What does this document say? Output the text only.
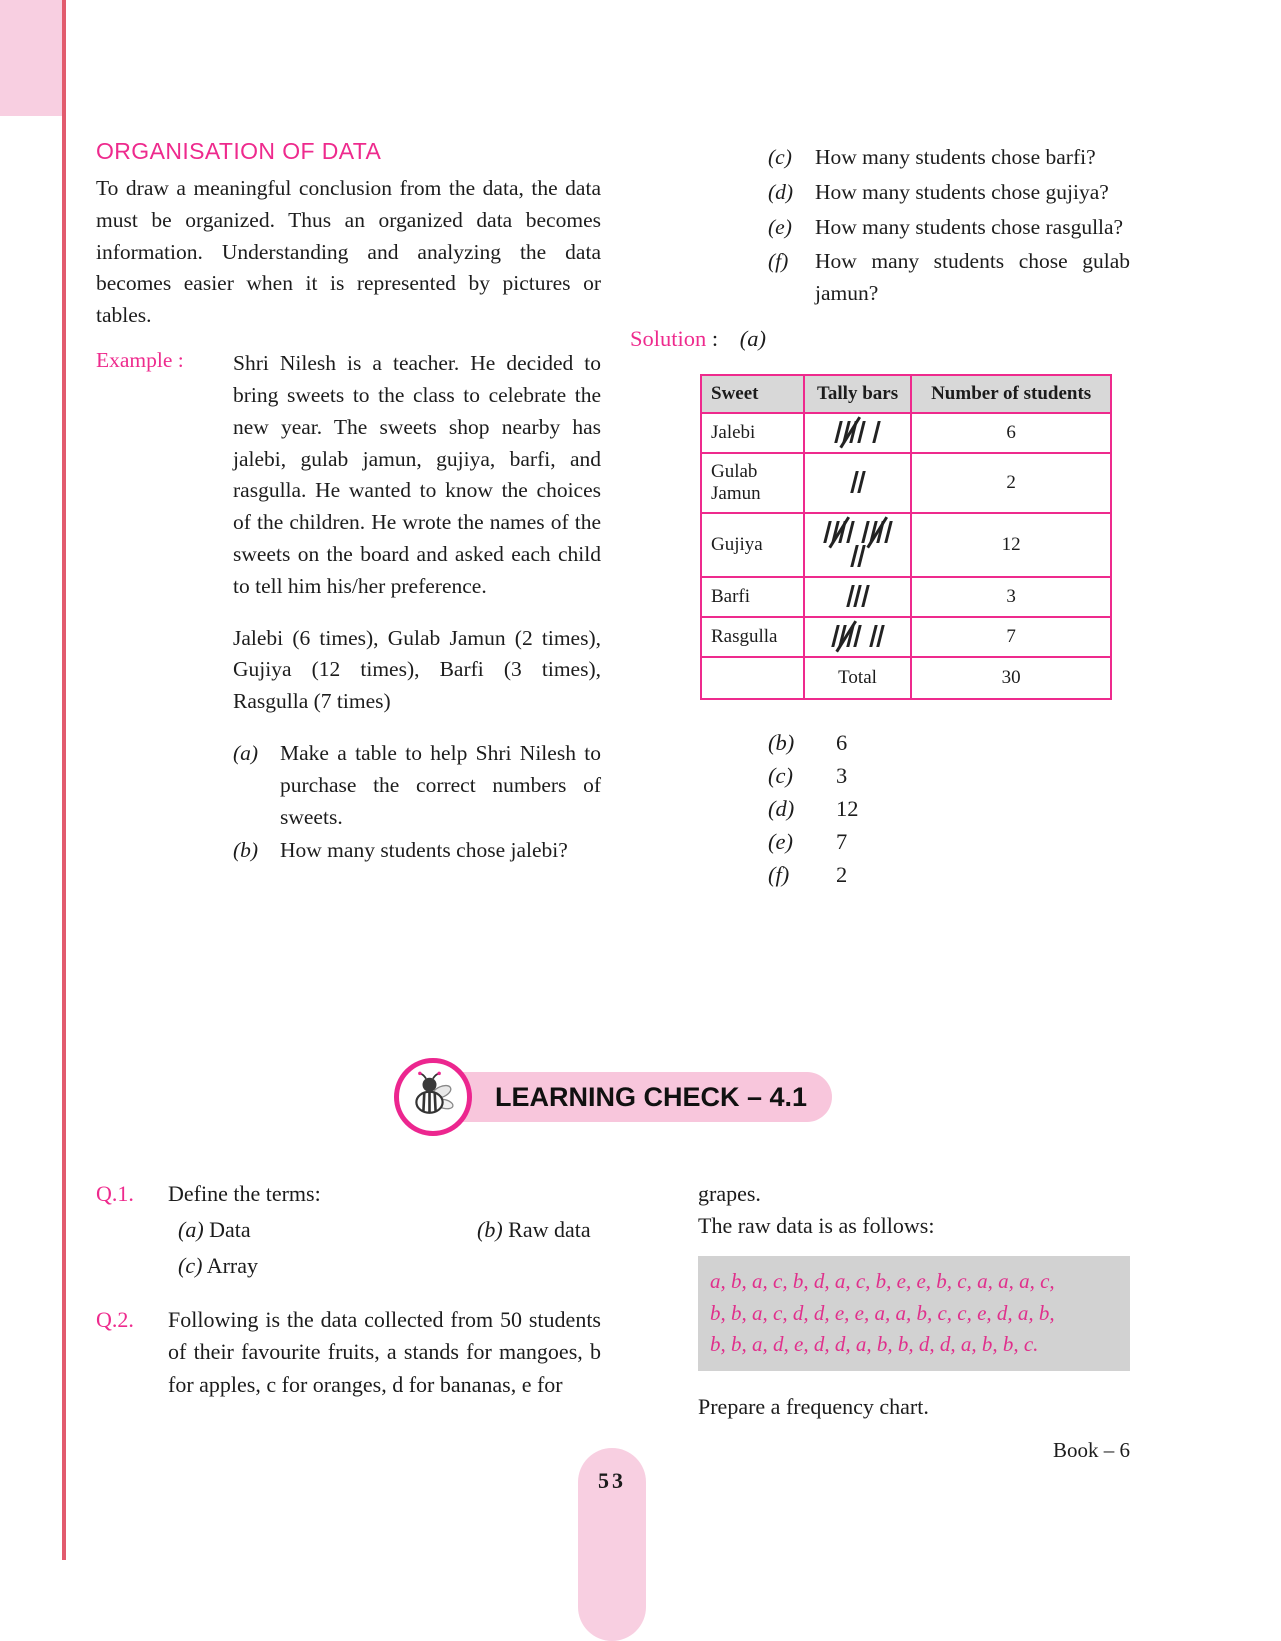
ORGANISATION OF DATA
To draw a meaningful conclusion from the data, the data must be organized. Thus an organized data becomes information. Understanding and analyzing the data becomes easier when it is represented by pictures or tables.
Example : Shri Nilesh is a teacher. He decided to bring sweets to the class to celebrate the new year. The sweets shop nearby has jalebi, gulab jamun, gujiya, barfi, and rasgulla. He wanted to know the choices of the children. He wrote the names of the sweets on the board and asked each child to tell him his/her preference.
Jalebi (6 times), Gulab Jamun (2 times), Gujiya (12 times), Barfi (3 times), Rasgulla (7 times)
(a) Make a table to help Shri Nilesh to purchase the correct numbers of sweets.
(b) How many students chose jalebi?
(c) How many students chose barfi?
(d) How many students chose gujiya?
(e) How many students chose rasgulla?
(f) How many students chose gulab jamun?
Solution : (a)
Sweet	Tally bars	Number of students
Jalebi		6
Gulab Jamun		2
Gujiya		12
Barfi		3
Rasgulla		7
	Total	30
(b)	6
(c)	3
(d)	12
(e)	7
(f)	2
LEARNING CHECK – 4.1
Q.1. Define the terms:
(a) Data	(b) Raw data
(c) Array
Q.2. Following is the data collected from 50 students of their favourite fruits, a stands for mangoes, b for apples, c for oranges, d for bananas, e for
grapes.
The raw data is as follows:
a, b, a, c, b, d, a, c, b, e, e, b, c, a, a, a, c,
b, b, a, c, d, d, e, e, a, a, b, c, c, e, d, a, b,
b, b, a, d, e, d, d, a, b, b, d, d, a, b, b, c.
Prepare a frequency chart.
Book – 6
53
